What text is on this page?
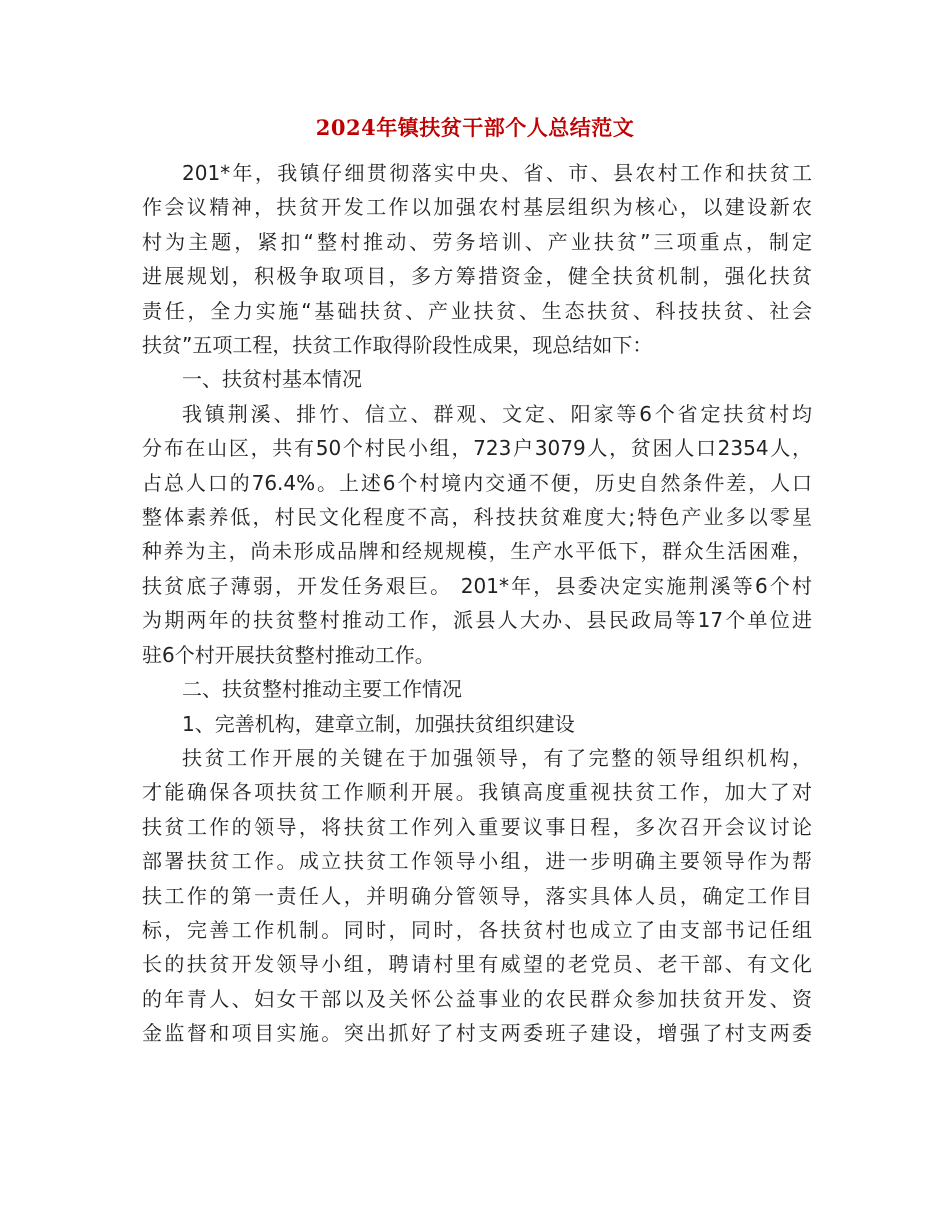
2024年镇扶贫干部个人总结范文
201*年，我镇仔细贯彻落实中央、省、市、县农村工作和扶贫工
作会议精神，扶贫开发工作以加强农村基层组织为核心，以建设新农
村为主题，紧扣“整村推动、劳务培训、产业扶贫”三项重点，制定
进展规划，积极争取项目，多方筹措资金，健全扶贫机制，强化扶贫
责任，全力实施“基础扶贫、产业扶贫、生态扶贫、科技扶贫、社会
扶贫”五项工程，扶贫工作取得阶段性成果，现总结如下：
一、扶贫村基本情况
我镇荆溪、排竹、信立、群观、文定、阳家等6个省定扶贫村均
分布在山区，共有50个村民小组，723户3079人，贫困人口2354人，
占总人口的76.4%。上述6个村境内交通不便，历史自然条件差，人口
整体素养低，村民文化程度不高，科技扶贫难度大;特色产业多以零星
种养为主，尚未形成品牌和经规规模，生产水平低下，群众生活困难，
扶贫底子薄弱，开发任务艰巨。 201*年，县委决定实施荆溪等6个村
为期两年的扶贫整村推动工作，派县人大办、县民政局等17个单位进
驻6个村开展扶贫整村推动工作。
二、扶贫整村推动主要工作情况
1、完善机构，建章立制，加强扶贫组织建设
扶贫工作开展的关键在于加强领导，有了完整的领导组织机构，
才能确保各项扶贫工作顺利开展。我镇高度重视扶贫工作，加大了对
扶贫工作的领导，将扶贫工作列入重要议事日程，多次召开会议讨论
部署扶贫工作。成立扶贫工作领导小组，进一步明确主要领导作为帮
扶工作的第一责任人，并明确分管领导，落实具体人员，确定工作目
标，完善工作机制。同时，同时，各扶贫村也成立了由支部书记任组
长的扶贫开发领导小组，聘请村里有威望的老党员、老干部、有文化
的年青人、妇女干部以及关怀公益事业的农民群众参加扶贫开发、资
金监督和项目实施。突出抓好了村支两委班子建设，增强了村支两委
